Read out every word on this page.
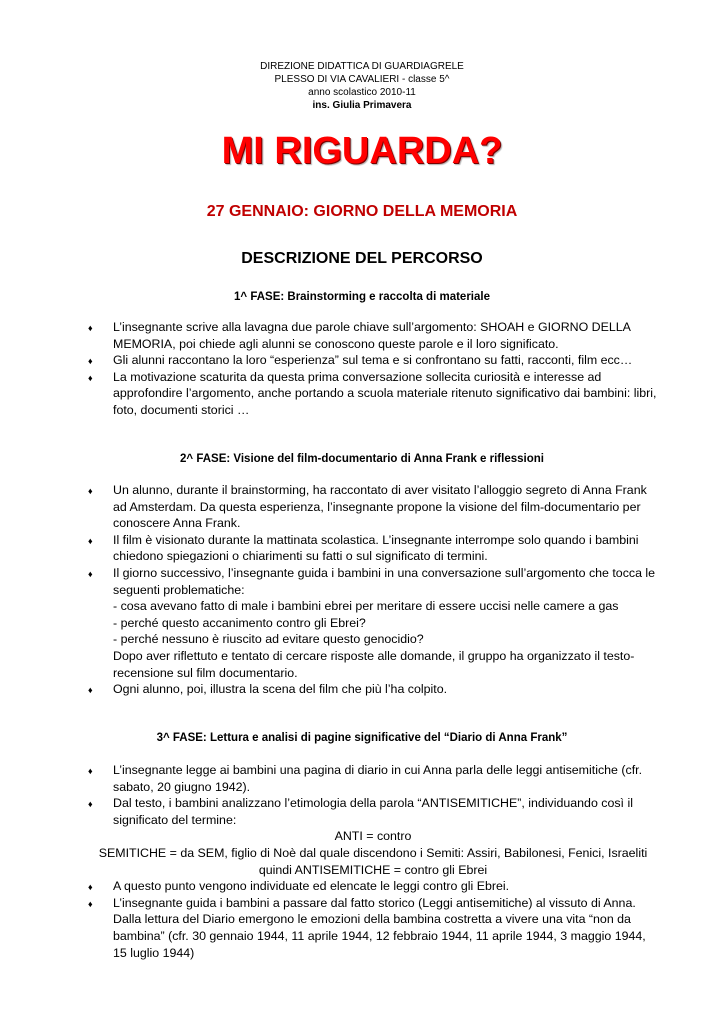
DIREZIONE DIDATTICA DI GUARDIAGRELE
PLESSO DI VIA CAVALIERI - classe 5^
anno scolastico 2010-11
ins. Giulia Primavera
MI RIGUARDA?
27 GENNAIO: GIORNO DELLA MEMORIA
DESCRIZIONE DEL PERCORSO
1^ FASE: Brainstorming e raccolta di materiale
♦ L’insegnante scrive alla lavagna due parole chiave sull’argomento: SHOAH e GIORNO DELLA MEMORIA, poi chiede agli alunni se conoscono queste parole e il loro significato.
♦ Gli alunni raccontano la loro “esperienza” sul tema e si confrontano su fatti, racconti, film ecc…
♦ La motivazione scaturita da questa prima conversazione sollecita curiosità e interesse ad approfondire l’argomento, anche portando a scuola materiale ritenuto significativo dai bambini: libri, foto, documenti storici …
2^ FASE: Visione del film-documentario di Anna Frank e riflessioni
♦ Un alunno, durante il brainstorming, ha raccontato di aver visitato l’alloggio segreto di Anna Frank ad Amsterdam. Da questa esperienza, l’insegnante propone la visione del film-documentario per conoscere Anna Frank.
♦ Il film è visionato durante la mattinata scolastica. L’insegnante interrompe solo quando i bambini chiedono spiegazioni o chiarimenti su fatti o sul significato di termini.
♦ Il giorno successivo, l’insegnante guida i bambini in una conversazione sull’argomento che tocca le seguenti problematiche:
- cosa avevano fatto di male i bambini ebrei per meritare di essere uccisi nelle camere a gas
- perché questo accanimento contro gli Ebrei?
- perché nessuno è riuscito ad evitare questo genocidio?
Dopo aver riflettuto e tentato di cercare risposte alle domande, il gruppo ha organizzato il testo-recensione sul film documentario.
♦ Ogni alunno, poi, illustra la scena del film che più l’ha colpito.
3^ FASE: Lettura e analisi di pagine significative del “Diario di Anna Frank”
♦ L’insegnante legge ai bambini una pagina di diario in cui Anna parla delle leggi antisemitiche (cfr. sabato, 20 giugno 1942).
♦ Dal testo, i bambini analizzano l’etimologia della parola “ANTISEMITICHE”, individuando così il significato del termine:
ANTI = contro
SEMITICHE = da SEM, figlio di Noè dal quale discendono i Semiti: Assiri, Babilonesi, Fenici, Israeliti
quindi ANTISEMITICHE = contro gli Ebrei
♦ A questo punto vengono individuate ed elencate le leggi contro gli Ebrei.
♦ L’insegnante guida i bambini a passare dal fatto storico (Leggi antisemitiche) al vissuto di Anna. Dalla lettura del Diario emergono le emozioni della bambina costretta a vivere una vita “non da bambina” (cfr. 30 gennaio 1944, 11 aprile 1944, 12 febbraio 1944, 11 aprile 1944, 3 maggio 1944, 15 luglio 1944)
